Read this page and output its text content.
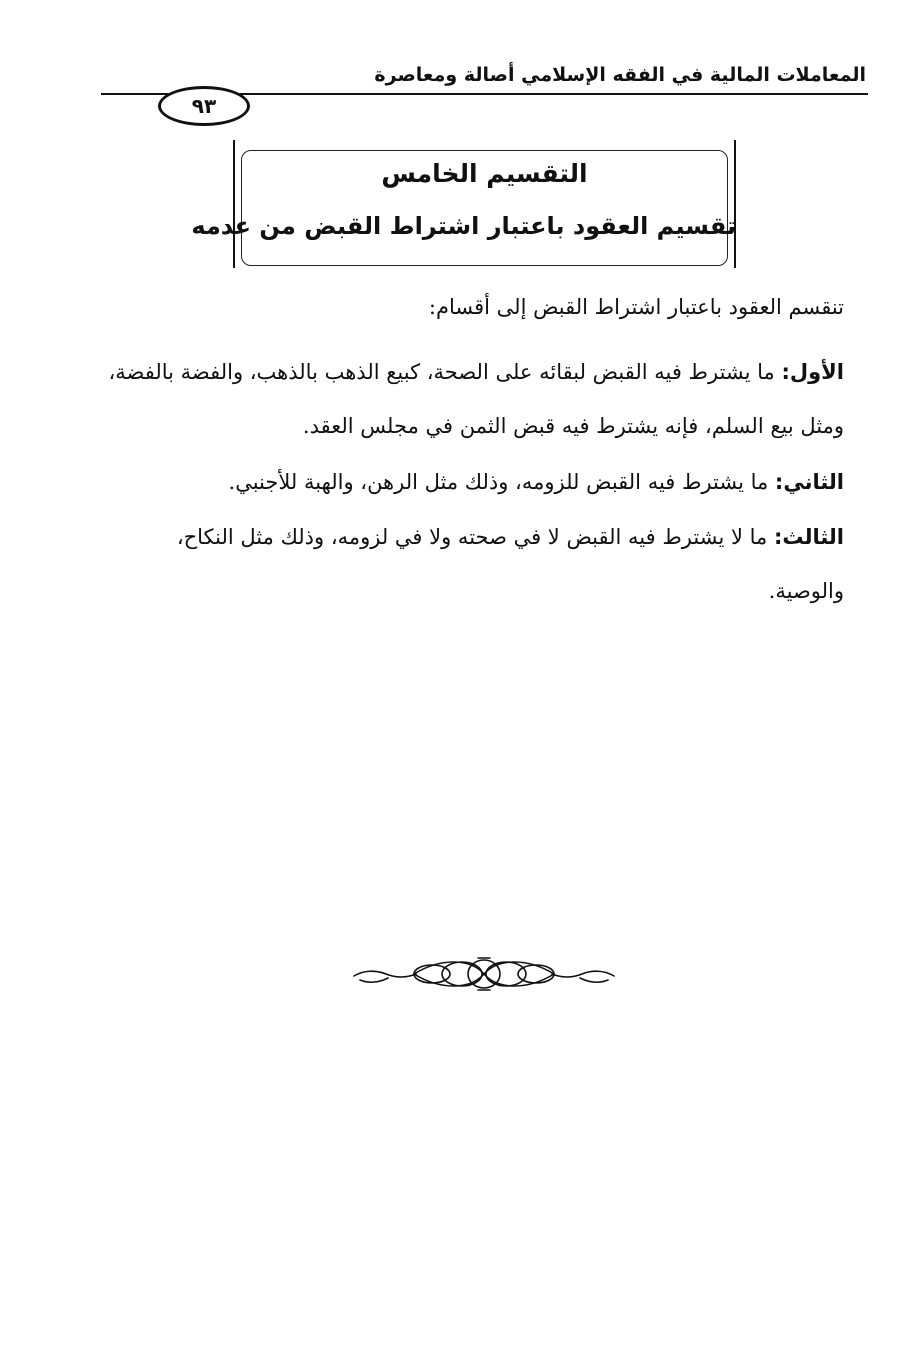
المعاملات المالية في الفقه الإسلامي أصالة ومعاصرة
٩٣
التقسيم الخامس
تقسيم العقود باعتبار اشتراط القبض من عدمه
تنقسم العقود باعتبار اشتراط القبض إلى أقسام:
الأول: ما يشترط فيه القبض لبقائه على الصحة، كبيع الذهب بالذهب، والفضة بالفضة، ومثل بيع السلم، فإنه يشترط فيه قبض الثمن في مجلس العقد.
الثاني: ما يشترط فيه القبض للزومه، وذلك مثل الرهن، والهبة للأجنبي.
الثالث: ما لا يشترط فيه القبض لا في صحته ولا في لزومه، وذلك مثل النكاح، والوصية.
